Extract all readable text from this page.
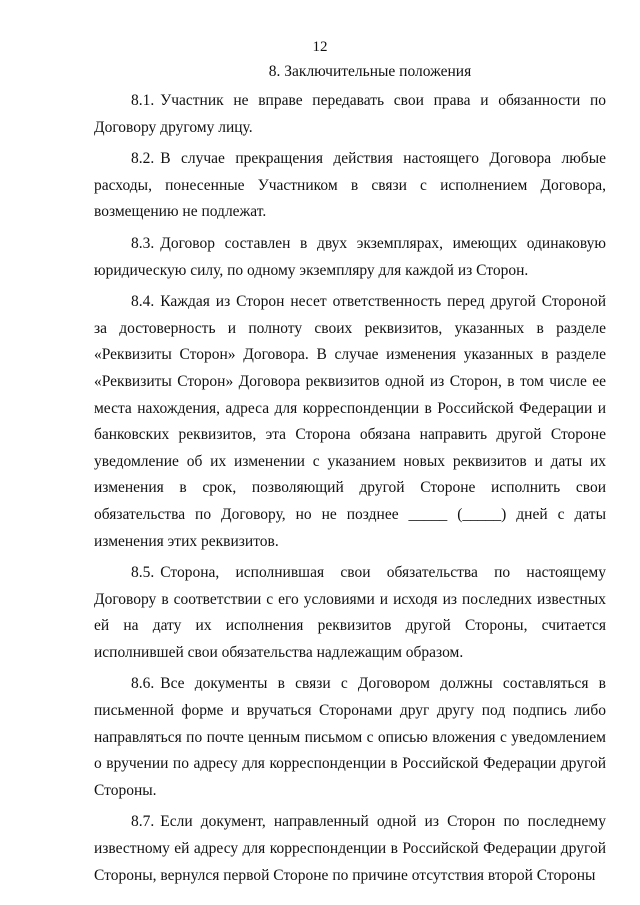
12
8. Заключительные положения

8.1. Участник не вправе передавать свои права и обязанности по Договору другому лицу.

8.2. В случае прекращения действия настоящего Договора любые расходы, понесенные Участником в связи с исполнением Договора, возмещению не подлежат.

8.3. Договор составлен в двух экземплярах, имеющих одинаковую юридическую силу, по одному экземпляру для каждой из Сторон.

8.4. Каждая из Сторон несет ответственность перед другой Стороной за достоверность и полноту своих реквизитов, указанных в разделе «Реквизиты Сторон» Договора. В случае изменения указанных в разделе «Реквизиты Сторон» Договора реквизитов одной из Сторон, в том числе ее места нахождения, адреса для корреспонденции в Российской Федерации и банковских реквизитов, эта Сторона обязана направить другой Стороне уведомление об их изменении с указанием новых реквизитов и даты их изменения в срок, позволяющий другой Стороне исполнить свои обязательства по Договору, но не позднее _____ (_____) дней с даты изменения этих реквизитов.

8.5. Сторона, исполнившая свои обязательства по настоящему Договору в соответствии с его условиями и исходя из последних известных ей на дату их исполнения реквизитов другой Стороны, считается исполнившей свои обязательства надлежащим образом.

8.6. Все документы в связи с Договором должны составляться в письменной форме и вручаться Сторонами друг другу под подпись либо направляться по почте ценным письмом с описью вложения с уведомлением о вручении по адресу для корреспонденции в Российской Федерации другой Стороны.

8.7. Если документ, направленный одной из Сторон по последнему известному ей адресу для корреспонденции в Российской Федерации другой Стороны, вернулся первой Стороне по причине отсутствия второй Стороны
